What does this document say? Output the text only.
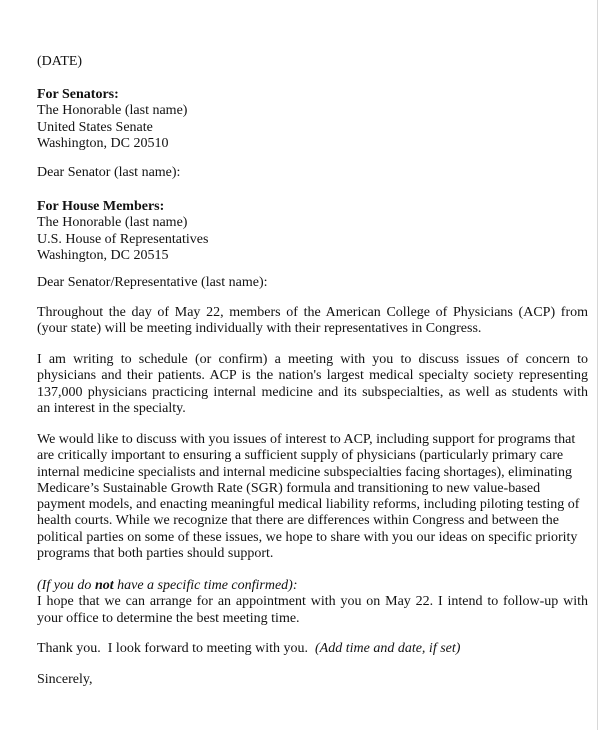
(DATE)
For Senators:
The Honorable (last name)
United States Senate
Washington, DC 20510
Dear Senator (last name):
For House Members:
The Honorable (last name)
U.S. House of Representatives
Washington, DC 20515
Dear Senator/Representative (last name):
Throughout the day of May 22, members of the American College of Physicians (ACP) from
(your state) will be meeting individually with their representatives in Congress.
I am writing to schedule (or confirm) a meeting with you to discuss issues of concern to
physicians and their patients. ACP is the nation's largest medical specialty society representing
137,000 physicians practicing internal medicine and its subspecialties, as well as students with
an interest in the specialty.
We would like to discuss with you issues of interest to ACP, including support for programs that
are critically important to ensuring a sufficient supply of physicians (particularly primary care
internal medicine specialists and internal medicine subspecialties facing shortages), eliminating
Medicare’s Sustainable Growth Rate (SGR) formula and transitioning to new value-based
payment models, and enacting meaningful medical liability reforms, including piloting testing of
health courts. While we recognize that there are differences within Congress and between the
political parties on some of these issues, we hope to share with you our ideas on specific priority
programs that both parties should support.
(If you do not have a specific time confirmed):
I hope that we can arrange for an appointment with you on May 22. I intend to follow-up with
your office to determine the best meeting time.
Thank you.  I look forward to meeting with you.  (Add time and date, if set)
Sincerely,
